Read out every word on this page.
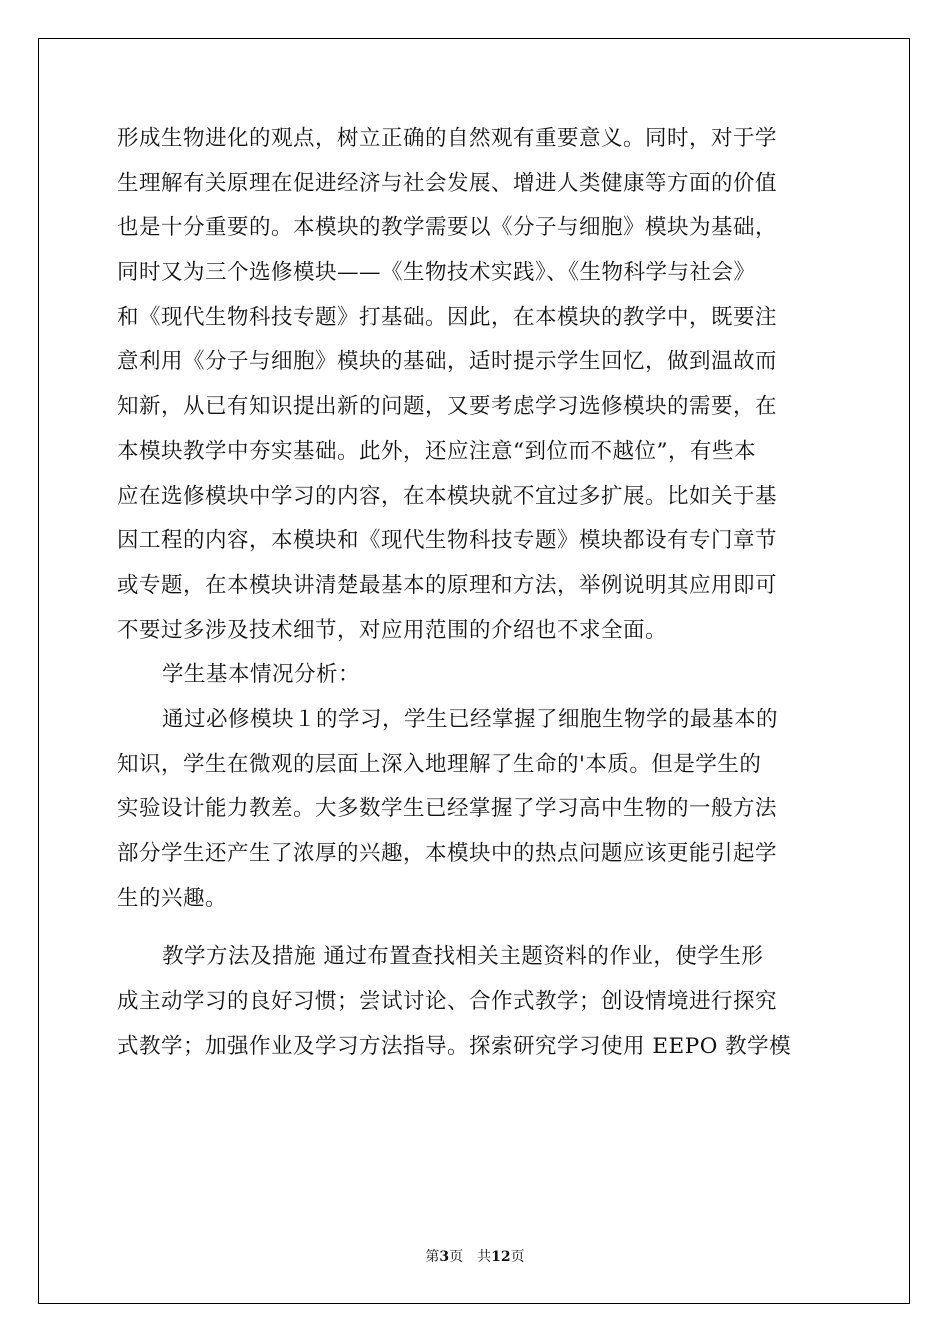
形成生物进化的观点，树立正确的自然观有重要意义。同时，对于学
生理解有关原理在促进经济与社会发展、增进人类健康等方面的价值
也是十分重要的。本模块的教学需要以《分子与细胞》模块为基础，
同时又为三个选修模块——《生物技术实践》、《生物科学与社会》
和《现代生物科技专题》打基础。因此，在本模块的教学中，既要注
意利用《分子与细胞》模块的基础，适时提示学生回忆，做到温故而
知新，从已有知识提出新的问题，又要考虑学习选修模块的需要，在
本模块教学中夯实基础。此外，还应注意“到位而不越位”，有些本
应在选修模块中学习的内容，在本模块就不宜过多扩展。比如关于基
因工程的内容，本模块和《现代生物科技专题》模块都设有专门章节
或专题，在本模块讲清楚最基本的原理和方法，举例说明其应用即可
不要过多涉及技术细节，对应用范围的介绍也不求全面。
学生基本情况分析：
通过必修模块１的学习，学生已经掌握了细胞生物学的最基本的
知识，学生在微观的层面上深入地理解了生命的'本质。但是学生的
实验设计能力教差。大多数学生已经掌握了学习高中生物的一般方法
部分学生还产生了浓厚的兴趣，本模块中的热点问题应该更能引起学
生的兴趣。
教学方法及措施 通过布置查找相关主题资料的作业，使学生形
成主动学习的良好习惯；尝试讨论、合作式教学；创设情境进行探究
式教学；加强作业及学习方法指导。探索研究学习使用 EEPO 教学模
第3页 共12页
